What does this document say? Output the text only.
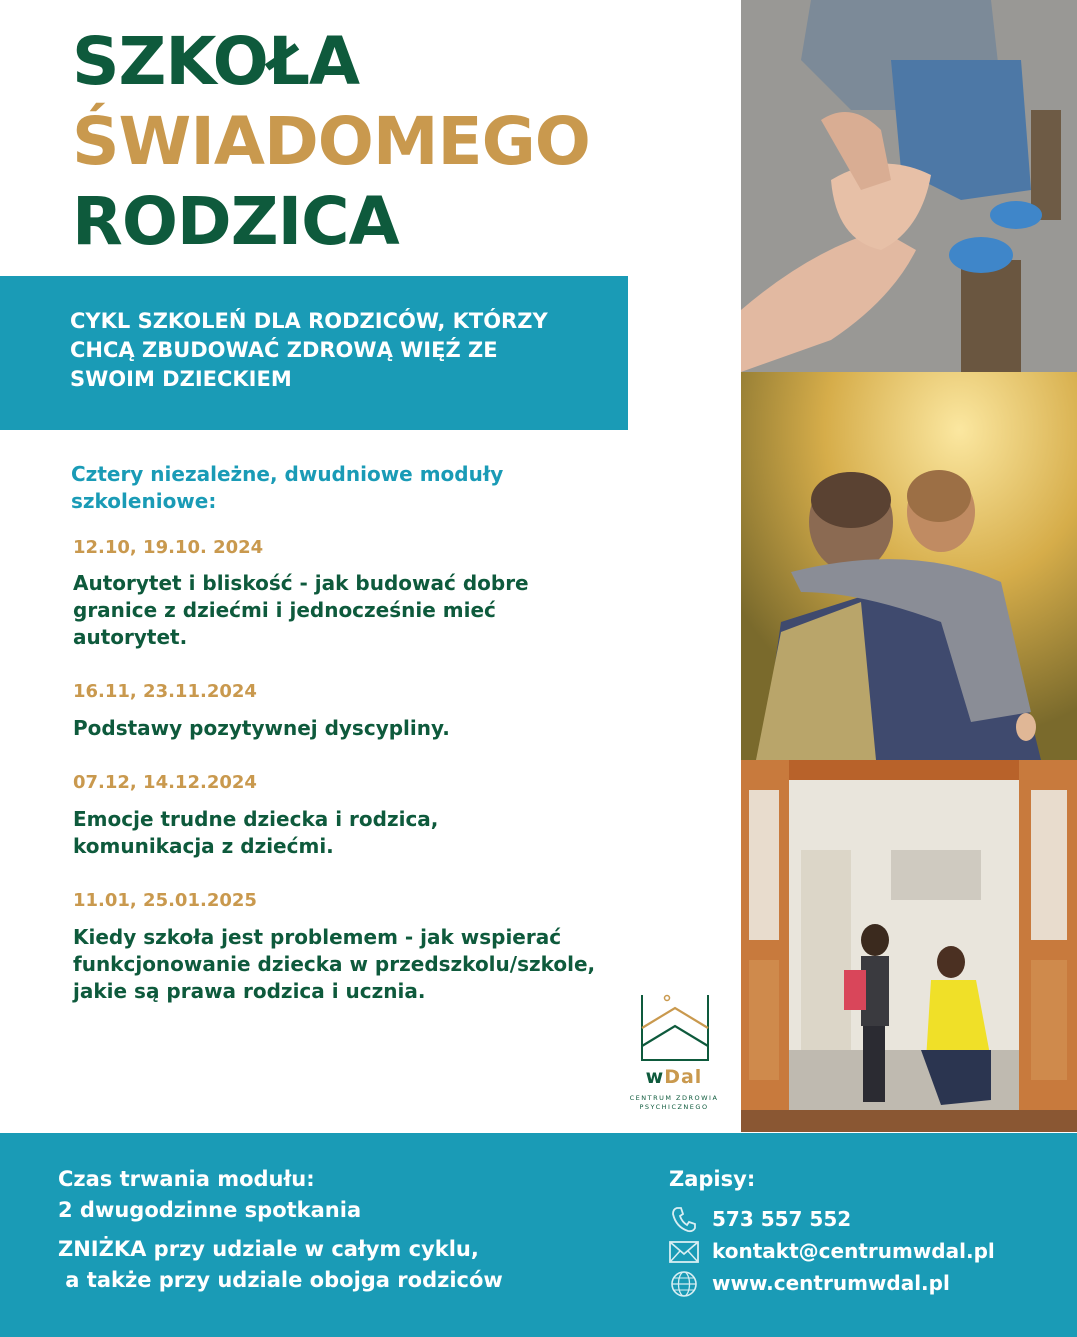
SZKOŁA
ŚWIADOMEGO
RODZICA
CYKL SZKOLEŃ DLA RODZICÓW, KTÓRZY
CHCĄ ZBUDOWAĆ ZDROWĄ WIĘŹ ZE
SWOIM DZIECKIEM
Cztery niezależne, dwudniowe moduły
szkoleniowe:
12.10, 19.10. 2024
Autorytet i bliskość - jak budować dobre
granice z dziećmi i jednocześnie mieć
autorytet.
16.11, 23.11.2024
Podstawy pozytywnej dyscypliny.
07.12, 14.12.2024
Emocje trudne dziecka i rodzica,
komunikacja z dziećmi.
11.01, 25.01.2025
Kiedy szkoła jest problemem - jak wspierać
funkcjonowanie dziecka w przedszkolu/szkole,
jakie są prawa rodzica i ucznia.
wDal
CENTRUM ZDROWIA
PSYCHICZNEGO
Czas trwania modułu:
2 dwugodzinne spotkania
ZNIŻKA przy udziale w całym cyklu,
a także przy udziale obojga rodziców
Zapisy:
573 557 552
kontakt@centrumwdal.pl
www.centrumwdal.pl
